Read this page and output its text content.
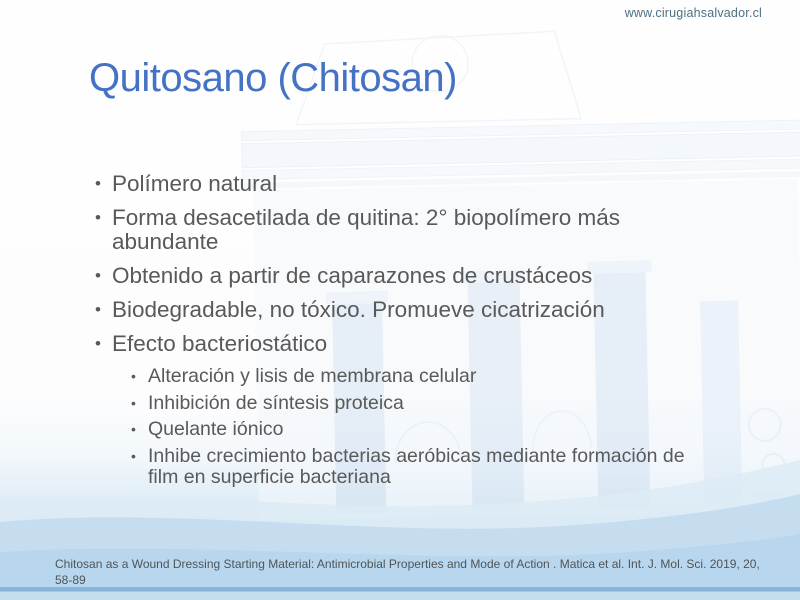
www.cirugiahsalvador.cl
Quitosano (Chitosan)
• Polímero natural
• Forma desacetilada de quitina: 2° biopolímero más abundante
• Obtenido a partir de caparazones de crustáceos
• Biodegradable, no tóxico. Promueve cicatrización
• Efecto bacteriostático
• Alteración y lisis de membrana celular
• Inhibición de síntesis proteica
• Quelante iónico
• Inhibe crecimiento bacterias aeróbicas mediante formación de film en superficie bacteriana
Chitosan as a Wound Dressing Starting Material: Antimicrobial Properties and Mode of Action . Matica et al. Int. J. Mol. Sci. 2019, 20, 58-89
